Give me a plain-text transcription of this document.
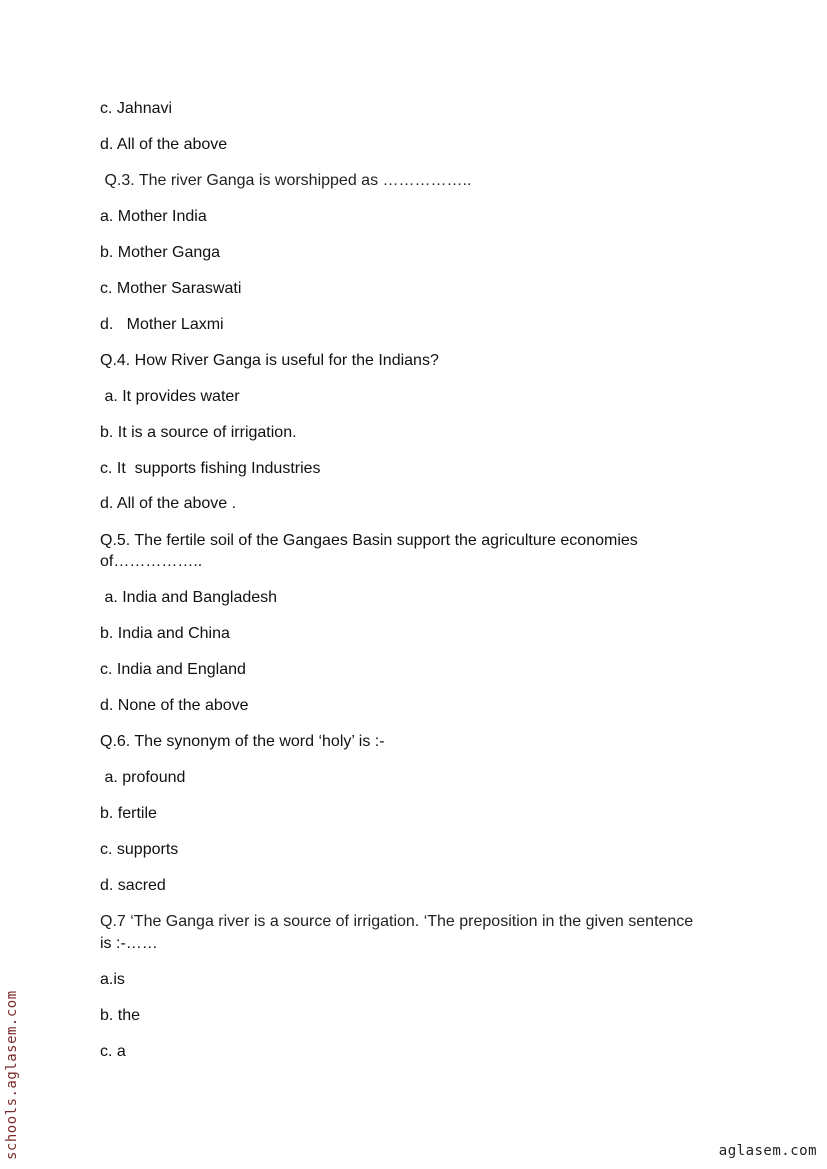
c. Jahnavi

d. All of the above

Q.3. The river Ganga is worshipped as ……………..

a. Mother India

b. Mother Ganga

c. Mother Saraswati

d.   Mother Laxmi

Q.4. How River Ganga is useful for the Indians?

a. It provides water

b. It is a source of irrigation.

c. It  supports fishing Industries

d. All of the above .

Q.5. The fertile soil of the Gangaes Basin support the agriculture economies

of……………..

a. India and Bangladesh

b. India and China

c. India and England

d. None of the above

Q.6. The synonym of the word ‘holy’ is :-

a. profound

b. fertile

c. supports

d. sacred

Q.7 ‘The Ganga river is a source of irrigation. ‘The preposition in the given sentence

is :-……

a.is

b. the

c. a

schools.aglasem.com	aglasem.com
